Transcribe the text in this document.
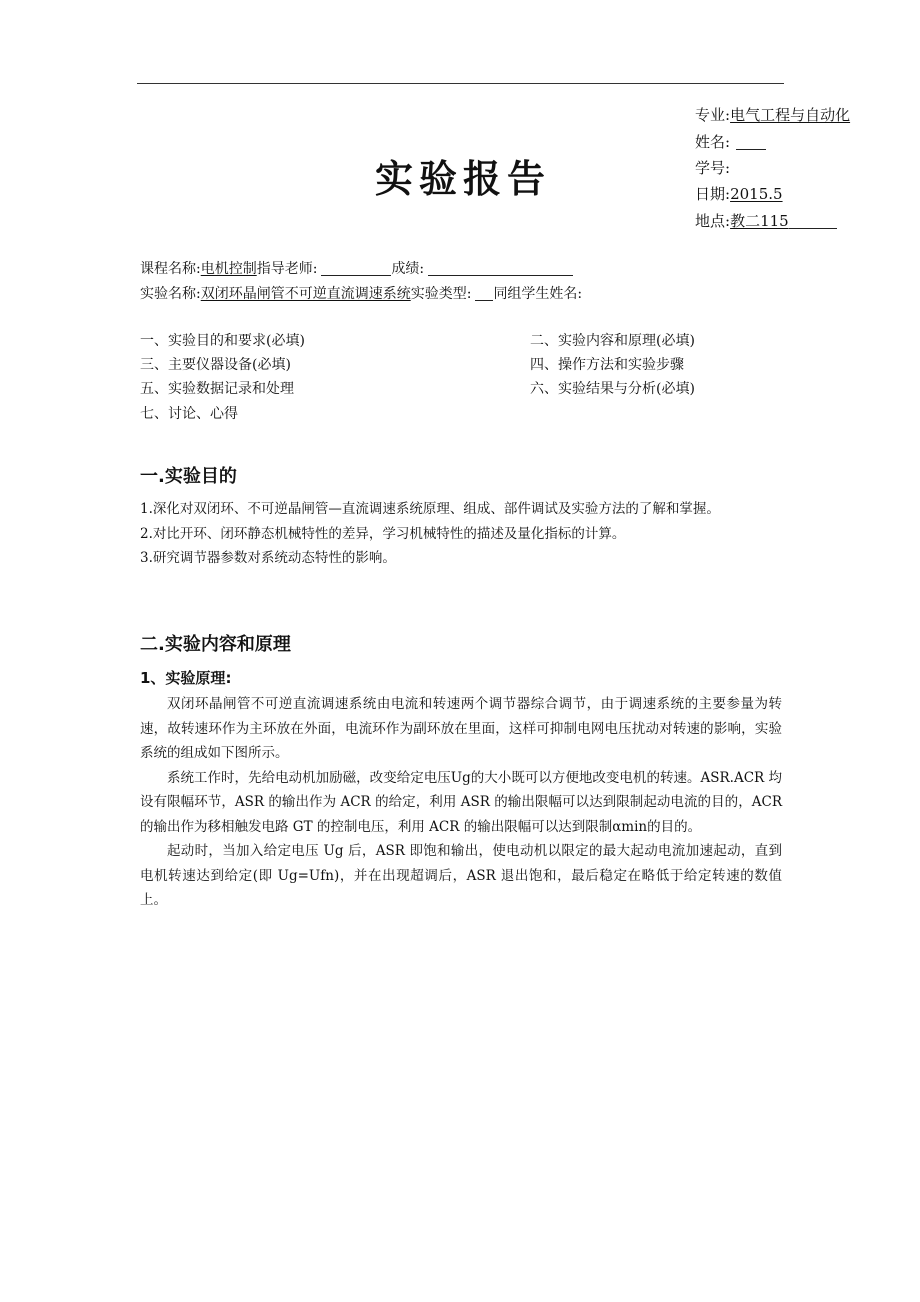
专业:电气工程与自动化
姓名:
学号:
日期:2015.5
地点:教二115
实验报告
课程名称:电机控制指导老师:	成绩:
实验名称:双闭环晶闸管不可逆直流调速系统实验类型: 同组学生姓名:
一、实验目的和要求(必填)	二、实验内容和原理(必填)
三、主要仪器设备(必填)	四、操作方法和实验步骤
五、实验数据记录和处理	六、实验结果与分析(必填)
七、讨论、心得
一.实验目的

1.深化对双闭环、不可逆晶闸管—直流调速系统原理、组成、部件调试及实验方法的了解和掌握。

2.对比开环、闭环静态机械特性的差异，学习机械特性的描述及量化指标的计算。

3.研究调节器参数对系统动态特性的影响。

二.实验内容和原理
1、实验原理:

双闭环晶闸管不可逆直流调速系统由电流和转速两个调节器综合调节，由于调速系统的主要参量为转速，故转速环作为主环放在外面，电流环作为副环放在里面，这样可抑制电网电压扰动对转速的影响，实验系统的组成如下图所示。

系统工作时，先给电动机加励磁，改变给定电压Ug的大小既可以方便地改变电机的转速。ASR.ACR 均设有限幅环节，ASR 的输出作为 ACR 的给定，利用 ASR 的输出限幅可以达到限制起动电流的目的，ACR 的输出作为移相触发电路 GT 的控制电压，利用 ACR 的输出限幅可以达到限制αmin的目的。

起动时，当加入给定电压 Ug 后，ASR 即饱和输出，使电动机以限定的最大起动电流加速起动，直到电机转速达到给定(即 Ug=Ufn)，并在出现超调后，ASR 退出饱和，最后稳定在略低于给定转速的数值上。
